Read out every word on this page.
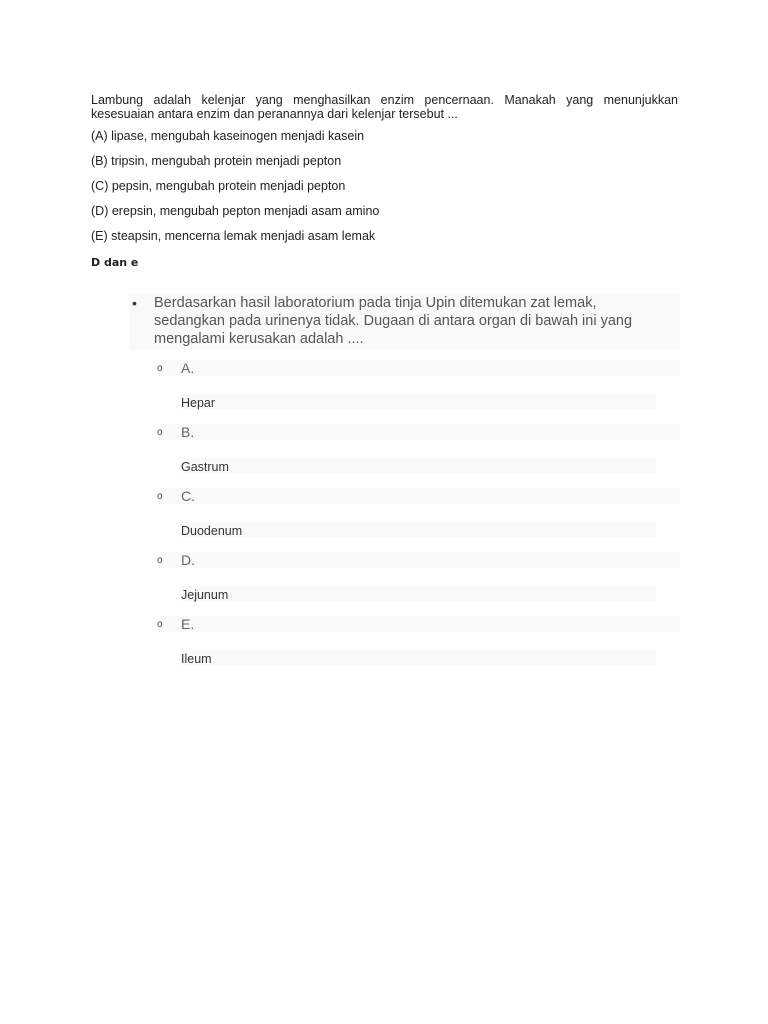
Lambung adalah kelenjar yang menghasilkan enzim pencernaan. Manakah yang menunjukkan kesesuaian antara enzim dan peranannya dari kelenjar tersebut ...

(A) lipase, mengubah kaseinogen menjadi kasein

(B) tripsin, mengubah protein menjadi pepton

(C) pepsin, mengubah protein menjadi pepton

(D) erepsin, mengubah pepton menjadi asam amino

(E) steapsin, mencerna lemak menjadi asam lemak

D dan e

• Berdasarkan hasil laboratorium pada tinja Upin ditemukan zat lemak, sedangkan pada urinenya tidak. Dugaan di antara organ di bawah ini yang mengalami kerusakan adalah ....
o A.
Hepar
o B.
Gastrum
o C.
Duodenum
o D.
Jejunum
o E.
Ileum
